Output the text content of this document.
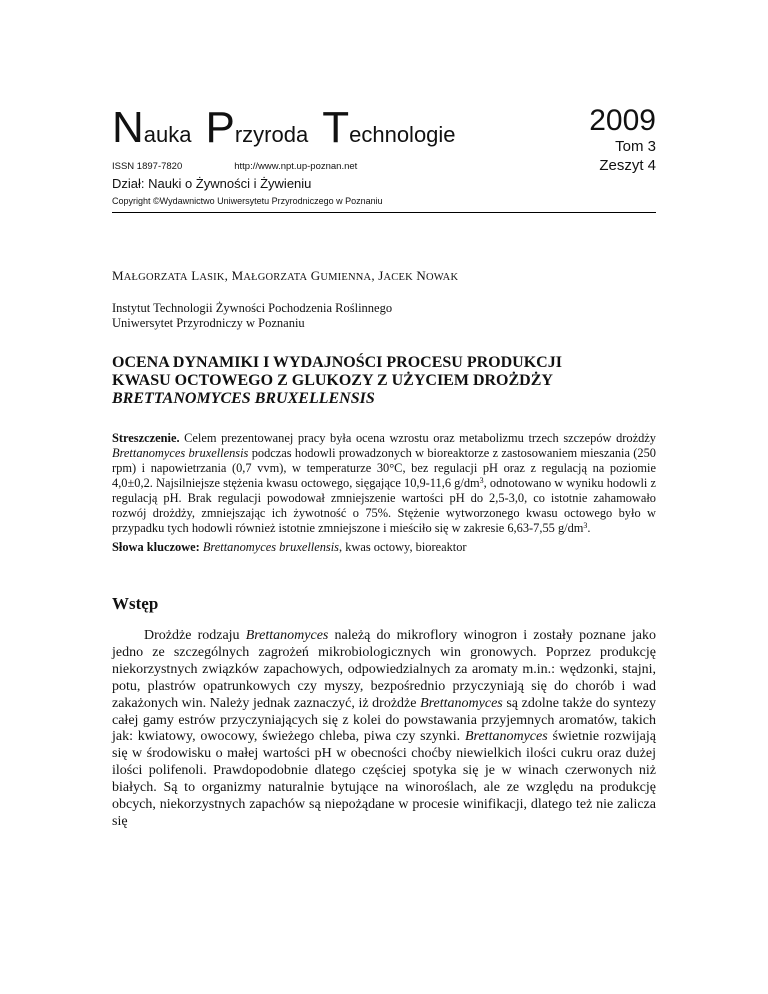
Nauka Przyroda Technologie	2009
Tom 3
Zeszyt 4
ISSN 1897-7820	http://www.npt.up-poznan.net
Dział: Nauki o Żywności i Żywieniu
Copyright ©Wydawnictwo Uniwersytetu Przyrodniczego w Poznaniu
MAŁGORZATA LASIK, MAŁGORZATA GUMIENNA, JACEK NOWAK
Instytut Technologii Żywności Pochodzenia Roślinnego
Uniwersytet Przyrodniczy w Poznaniu
OCENA DYNAMIKI I WYDAJNOŚCI PROCESU PRODUKCJI
KWASU OCTOWEGO Z GLUKOZY Z UŻYCIEM DROŻDŻY
BRETTANOMYCES BRUXELLENSIS
Streszczenie. Celem prezentowanej pracy była ocena wzrostu oraz metabolizmu trzech szczepów drożdży Brettanomyces bruxellensis podczas hodowli prowadzonych w bioreaktorze z zastosowaniem mieszania (250 rpm) i napowietrzania (0,7 vvm), w temperaturze 30°C, bez regulacji pH oraz z regulacją na poziomie 4,0±0,2. Najsilniejsze stężenia kwasu octowego, sięgające 10,9-11,6 $g/dm^3$, odnotowano w wyniku hodowli z regulacją pH. Brak regulacji powodował zmniejszenie wartości pH do 2,5-3,0, co istotnie zahamowało rozwój drożdży, zmniejszając ich żywotność o 75%. Stężenie wytworzonego kwasu octowego było w przypadku tych hodowli również istotnie zmniejszone i mieściło się w zakresie 6,63-7,55 $g/dm^3$.
Słowa kluczowe: Brettanomyces bruxellensis, kwas octowy, bioreaktor
Wstęp

Drożdże rodzaju Brettanomyces należą do mikroflory winogron i zostały poznane jako jedno ze szczególnych zagrożeń mikrobiologicznych win gronowych. Poprzez produkcję niekorzystnych związków zapachowych, odpowiedzialnych za aromaty m.in.: wędzonki, stajni, potu, plastrów opatrunkowych czy myszy, bezpośrednio przyczyniają się do chorób i wad zakażonych win. Należy jednak zaznaczyć, iż drożdże Brettanomyces są zdolne także do syntezy całej gamy estrów przyczyniających się z kolei do powstawania przyjemnych aromatów, takich jak: kwiatowy, owocowy, świeżego chleba, piwa czy szynki. Brettanomyces świetnie rozwijają się w środowisku o małej wartości pH w obecności choćby niewielkich ilości cukru oraz dużej ilości polifenoli. Prawdopodobnie dlatego częściej spotyka się je w winach czerwonych niż białych. Są to organizmy naturalnie bytujące na winoroślach, ale ze względu na produkcję obcych, niekorzystnych zapachów są niepożądane w procesie winifikacji, dlatego też nie zalicza się
